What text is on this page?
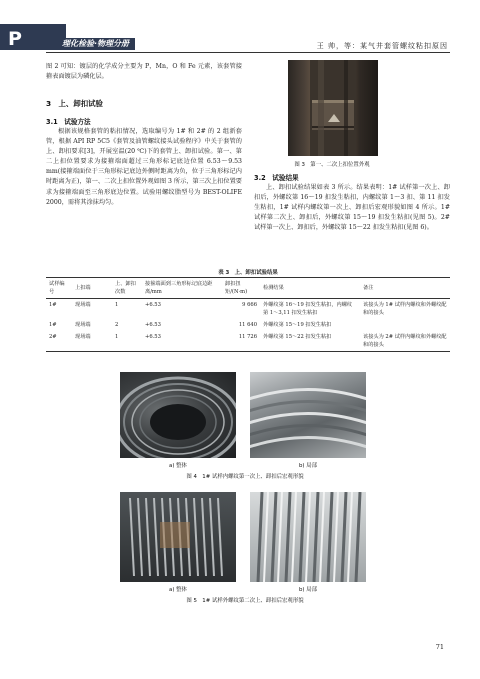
P	理化检验·物理分册	王 帅，等：某气井套管螺纹粘扣原因
图 2 可知：镀层的化学成分主要为 P，Mn，O 和 Fe 元素，该套管接箍表面镀层为磷化层。
3　上、卸扣试验
3.1　试验方法
根据该规格套管的粘扣情况，选取编号为 1# 和 2# 的 2 组新套管，根据 API RP 5C5《套管及油管螺纹接头试验程序》中关于套管的上、卸扣要求[3]，开展室温(20 ℃)下的套管上、卸扣试验。第一、第二上扣位置要求为接箍端面超过三角形标记底边位置 6.53～9.53 mm(接箍端面位于三角形标记底边外侧时距离为负，位于三角形标记内时距离为正)，第一、二次上扣位置外观如图 3 所示，第三次上扣位置要求为接箍端面至三角形底边位置。试验用螺纹脂型号为 BEST-OLIFE 2000，需将其涂抹均匀。
图 3　第一、二次上扣位置外观
3.2　试验结果
上、卸扣试验结果如表 3 所示。结果表明：1# 试样第一次上、卸扣后，外螺纹第 16～19 扣发生粘扣，内螺纹第 1～3 扣、第 11 扣发生粘扣，1# 试样内螺纹第一次上、卸扣后宏观形貌如图 4 所示。1# 试样第二次上、卸扣后，外螺纹第 15～19 扣发生粘扣(见图 5)。2# 试样第一次上、卸扣后，外螺纹第 15～22 扣发生粘扣(见图 6)。
表 3　上、卸扣试验结果
试样编号	上扣端	上、卸扣次数	接箍端面到三角形标记底边距离/mm	卸扣扭矩/(N·m)	检测结果	备注
1#	现场端	1	+6.53	9 666	外螺纹第 16～19 扣发生粘扣，内螺纹第 1～3,11 扣发生粘扣	该接头为 1# 试样内螺纹和外螺纹配和的接头
1#	现场端	2	+6.53	11 640	外螺纹第 15～19 扣发生粘扣	
2#	现场端	1	+6.53	11 726	外螺纹第 15～22 扣发生粘扣	该接头为 2# 试样内螺纹和外螺纹配和的接头
a) 整体	b) 局部
图 4　1# 试样内螺纹第一次上、卸扣后宏观形貌
a) 整体	b) 局部
图 5　1# 试样外螺纹第二次上、卸扣后宏观形貌
71
